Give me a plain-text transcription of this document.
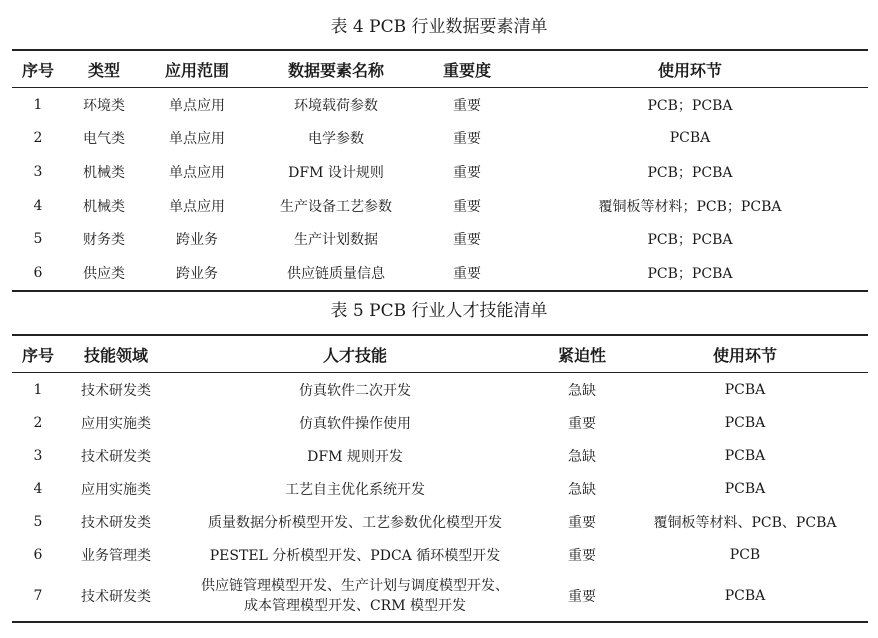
表 4 PCB 行业数据要素清单
序号	类型	应用范围	数据要素名称	重要度	使用环节
1	环境类	单点应用	环境载荷参数	重要	PCB；PCBA
2	电气类	单点应用	电学参数	重要	PCBA
3	机械类	单点应用	DFM 设计规则	重要	PCB；PCBA
4	机械类	单点应用	生产设备工艺参数	重要	覆铜板等材料；PCB；PCBA
5	财务类	跨业务	生产计划数据	重要	PCB；PCBA
6	供应类	跨业务	供应链质量信息	重要	PCB；PCBA
表 5 PCB 行业人才技能清单
序号	技能领域	人才技能	紧迫性	使用环节
1	技术研发类	仿真软件二次开发	急缺	PCBA
2	应用实施类	仿真软件操作使用	重要	PCBA
3	技术研发类	DFM 规则开发	急缺	PCBA
4	应用实施类	工艺自主优化系统开发	急缺	PCBA
5	技术研发类	质量数据分析模型开发、工艺参数优化模型开发	重要	覆铜板等材料、PCB、PCBA
6	业务管理类	PESTEL 分析模型开发、PDCA 循环模型开发	重要	PCB
7	技术研发类	供应链管理模型开发、生产计划与调度模型开发、
成本管理模型开发、CRM 模型开发	重要	PCBA
